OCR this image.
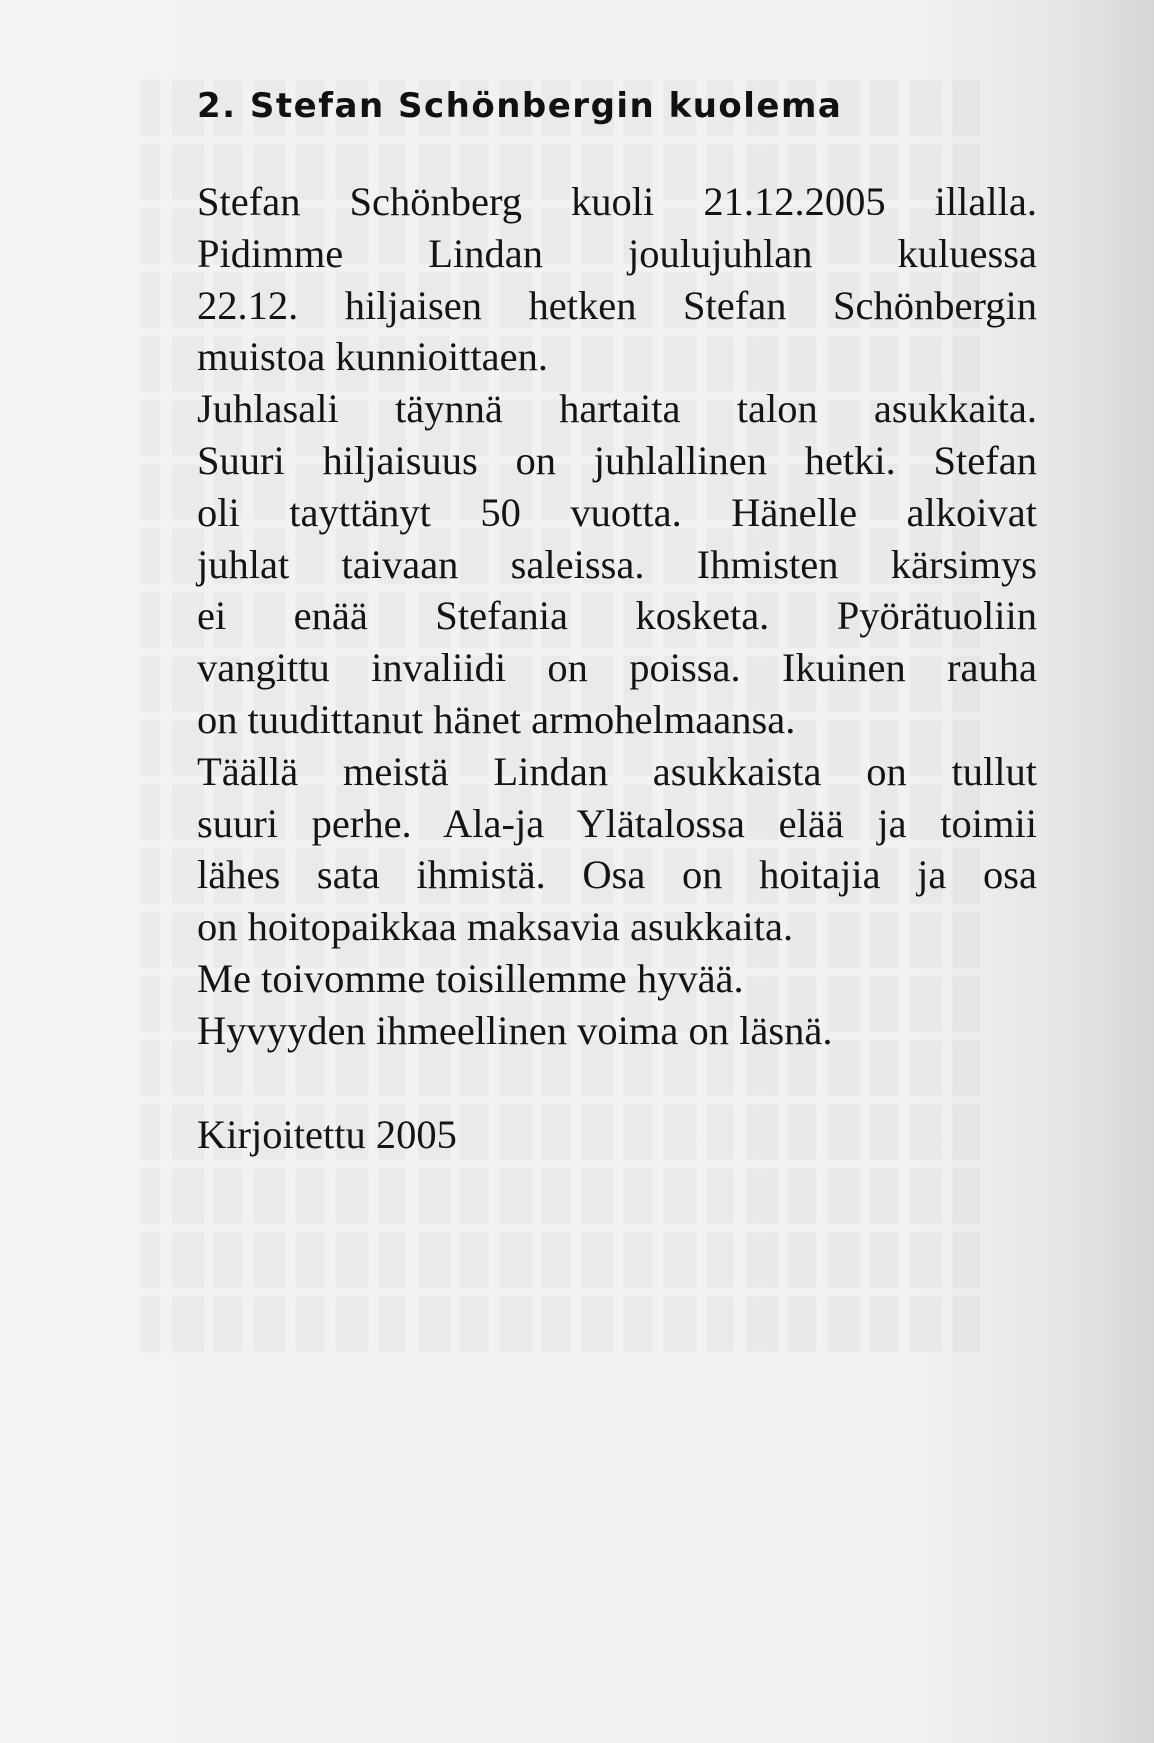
2. Stefan Schönbergin kuolema

Stefan Schönberg kuoli 21.12.2005 illalla.
Pidimme Lindan joulujuhlan kuluessa
22.12. hiljaisen hetken Stefan Schönbergin
muistoa kunnioittaen.
Juhlasali täynnä hartaita talon asukkaita.
Suuri hiljaisuus on juhlallinen hetki. Stefan
oli tayttänyt 50 vuotta. Hänelle alkoivat
juhlat taivaan saleissa. Ihmisten kärsimys
ei enää Stefania kosketa. Pyörätuoliin
vangittu invaliidi on poissa. Ikuinen rauha
on tuudittanut hänet armohelmaansa.
Täällä meistä Lindan asukkaista on tullut
suuri perhe. Ala-ja Ylätalossa elää ja toimii
lähes sata ihmistä. Osa on hoitajia ja osa
on hoitopaikkaa maksavia asukkaita.
Me toivomme toisillemme hyvää.
Hyvyyden ihmeellinen voima on läsnä.

Kirjoitettu 2005
